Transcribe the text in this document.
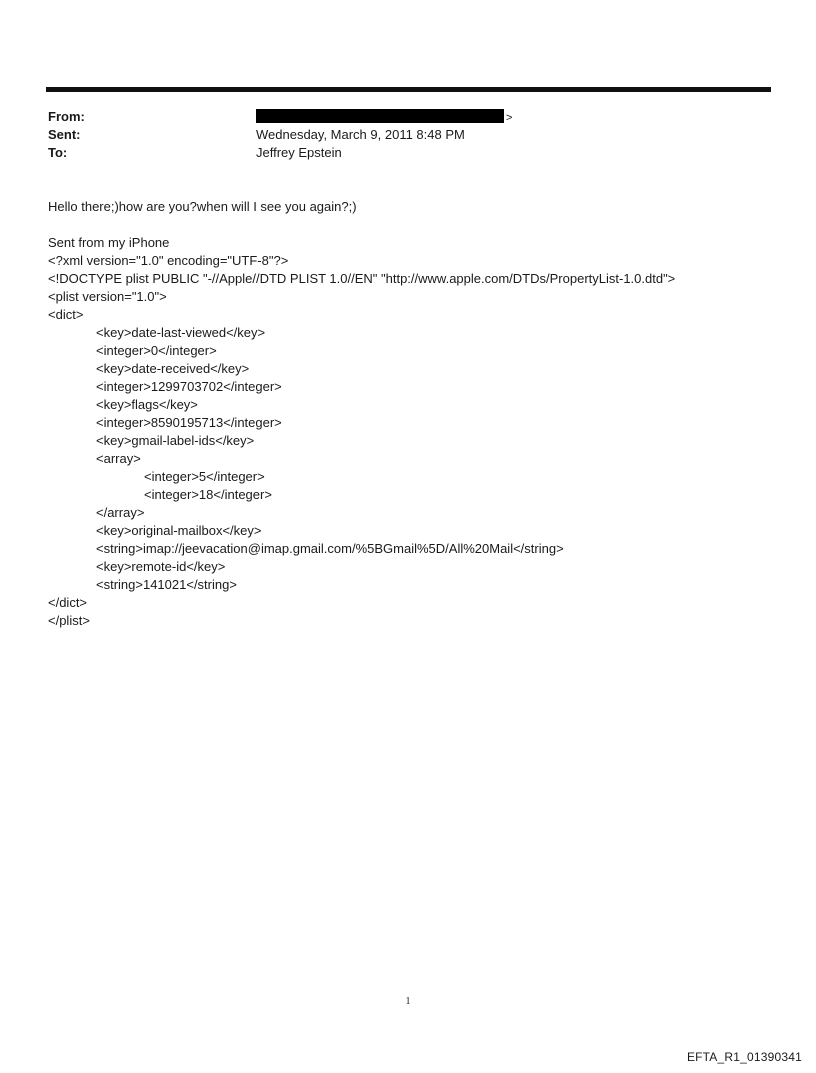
From:	>
Sent:	Wednesday, March 9, 2011 8:48 PM
To:	Jeffrey Epstein
Hello there;)how are you?when will I see you again?;)
Sent from my iPhone
<?xml version="1.0" encoding="UTF-8"?>
<!DOCTYPE plist PUBLIC "-//Apple//DTD PLIST 1.0//EN" "http://www.apple.com/DTDs/PropertyList-1.0.dtd">
<plist version="1.0">
<dict>
<key>date-last-viewed</key>
<integer>0</integer>
<key>date-received</key>
<integer>1299703702</integer>
<key>flags</key>
<integer>8590195713</integer>
<key>gmail-label-ids</key>
<array>
<integer>5</integer>
<integer>18</integer>
</array>
<key>original-mailbox</key>
<string>imap://jeevacation@imap.gmail.com/%5BGmail%5D/All%20Mail</string>
<key>remote-id</key>
<string>141021</string>
</dict>
</plist>
1
EFTA_R1_01390341
